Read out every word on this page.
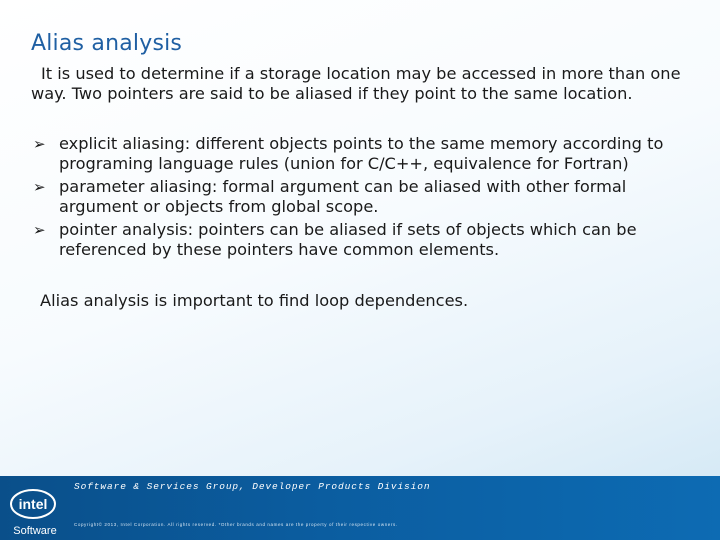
Alias analysis
It is used to determine if a storage location may be accessed in more than one
way. Two pointers are said to be aliased if they point to the same location.
➢ explicit aliasing: different objects points to the same memory according to
programing language rules (union for C/C++, equivalence for Fortran)
➢ parameter aliasing: formal argument can be aliased with other formal
argument or objects from global scope.
➢ pointer analysis: pointers can be aliased if sets of objects which can be
referenced by these pointers have common elements.
Alias analysis is important to find loop dependences.
intel
Software
Software & Services Group, Developer Products Division
Copyright© 2013, Intel Corporation. All rights reserved. *Other brands and names are the property of their respective owners.
